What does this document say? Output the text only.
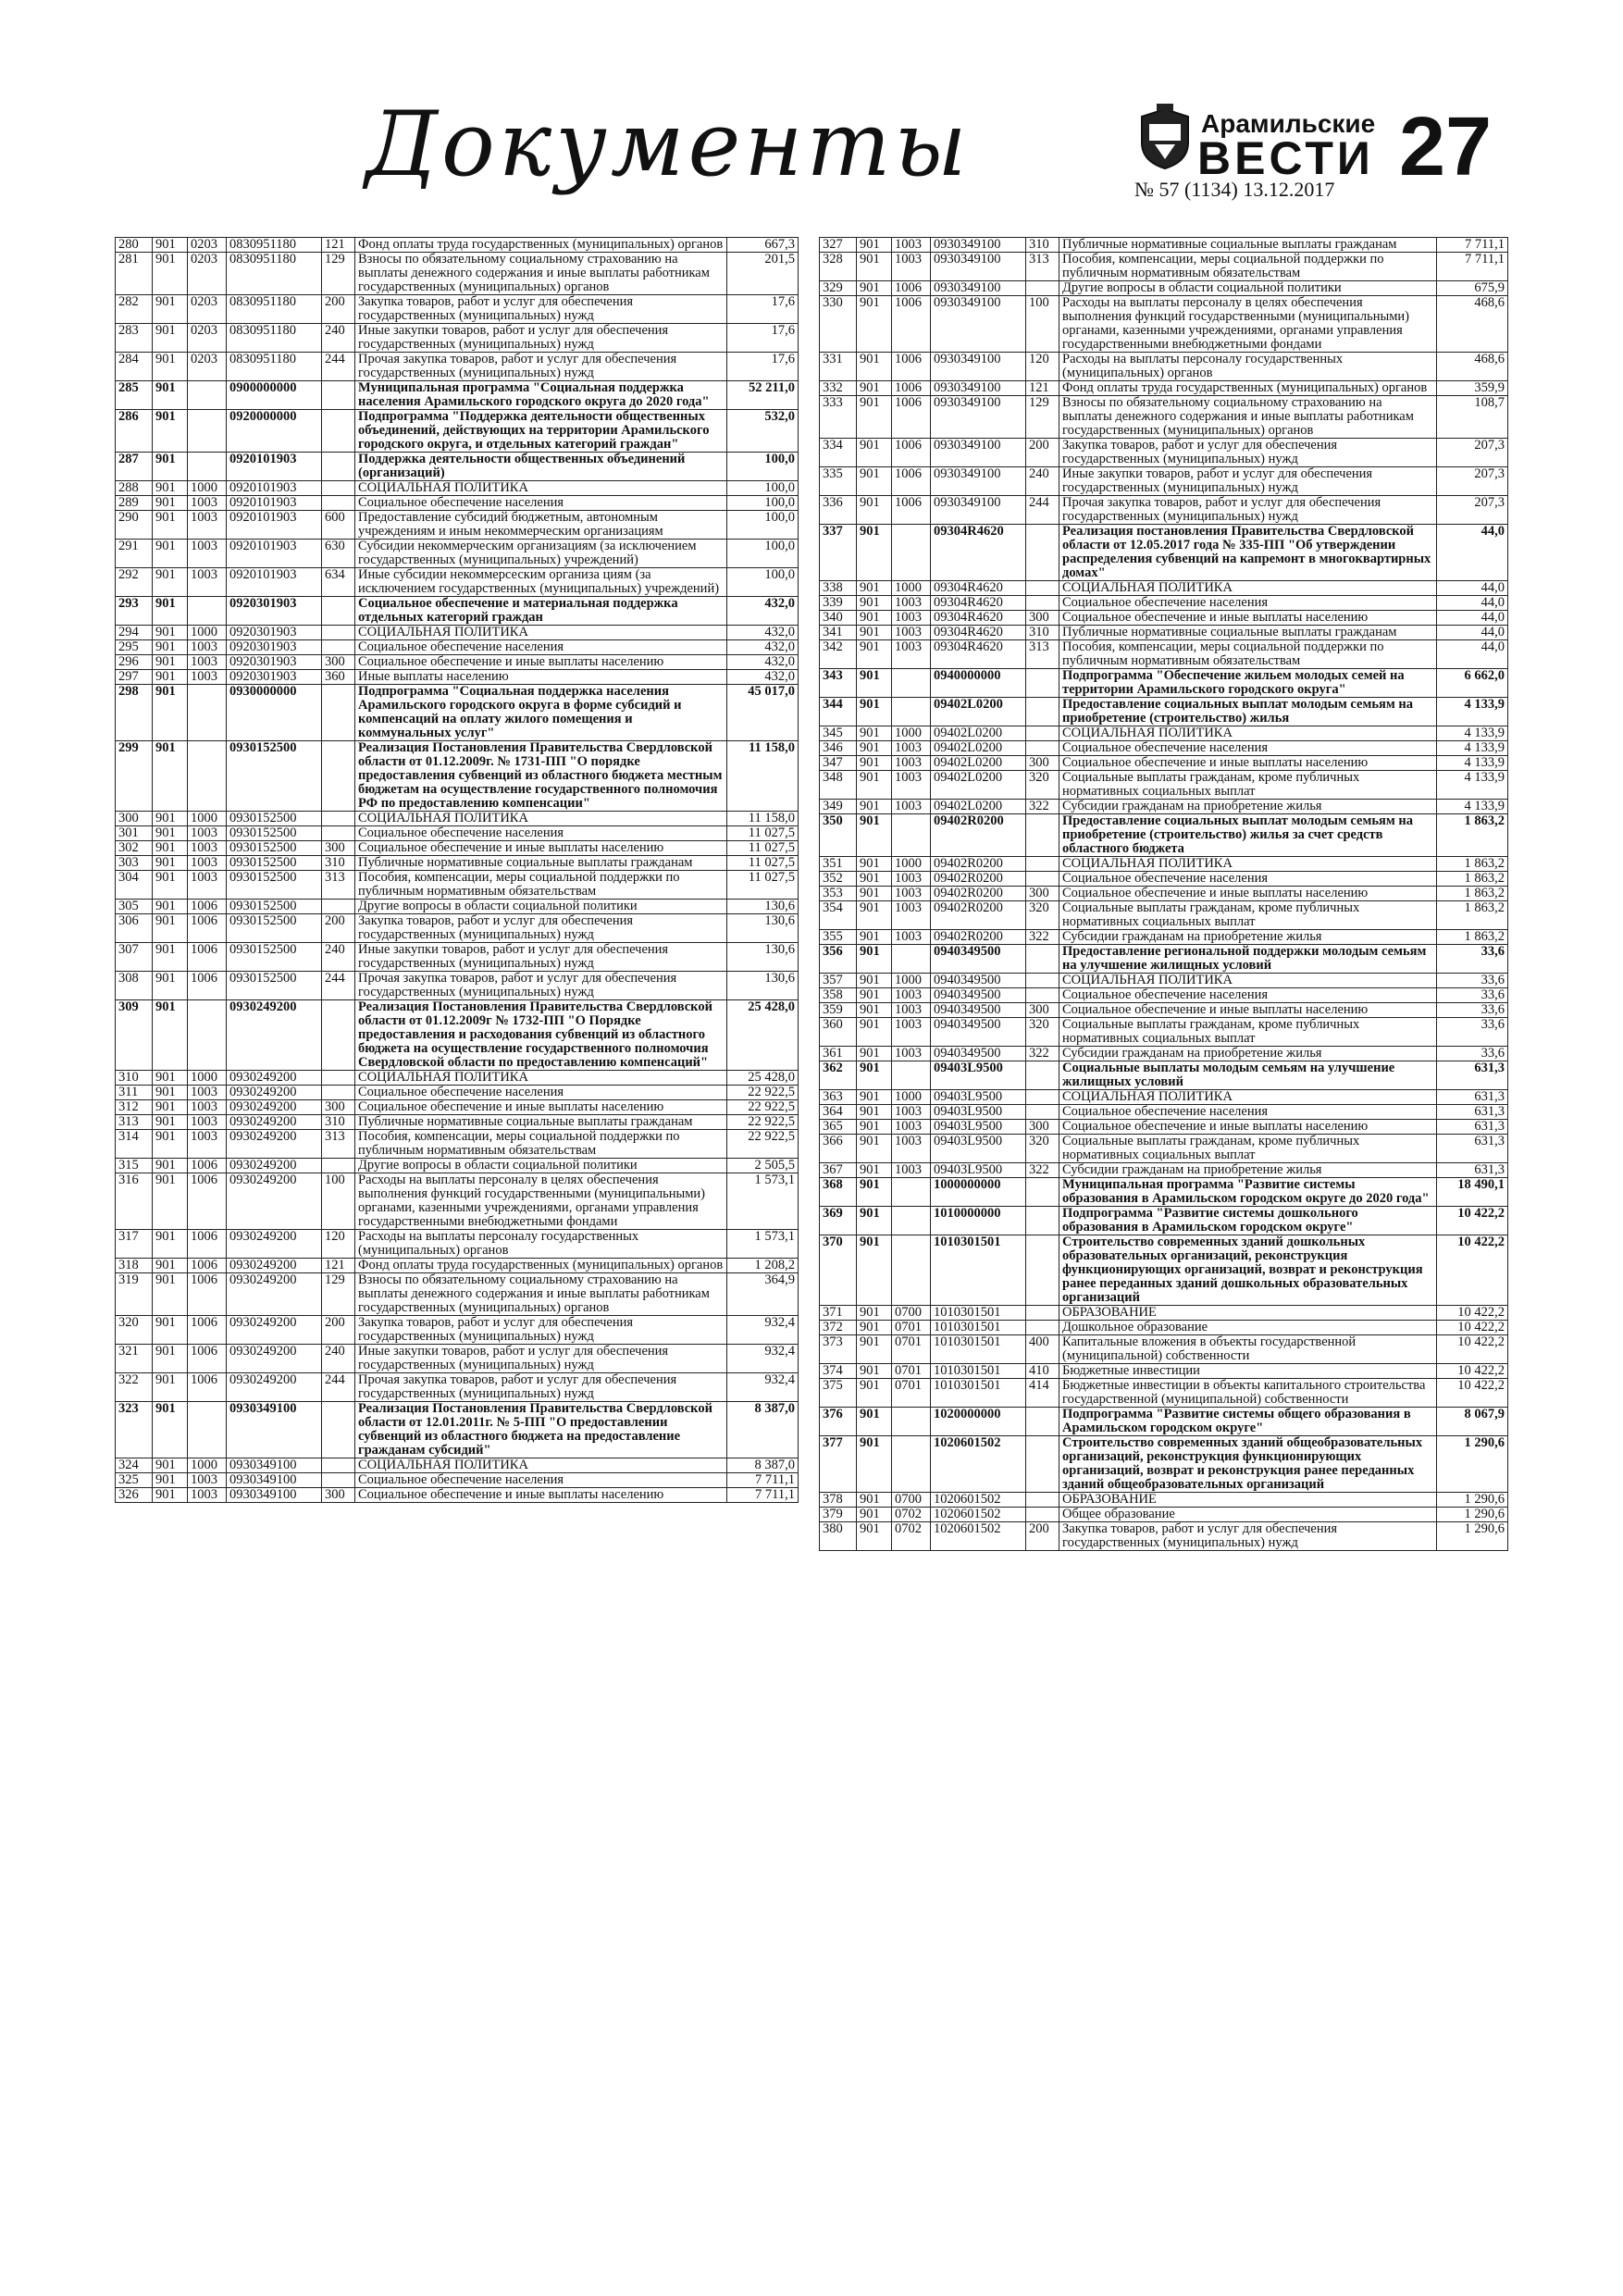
Документы	Арамильские
ВЕСТИ
№ 57 (1134) 13.12.2017 27
280	901	0203	0830951180	121	Фонд оплаты труда государственных (муниципальных) органов	667,3
281	901	0203	0830951180	129	Взносы по обязательному социальному страхованию на выплаты денежного содержания и иные выплаты работникам государственных (муниципальных) органов	201,5
282	901	0203	0830951180	200	Закупка товаров, работ и услуг для обеспечения государственных (муниципальных) нужд	17,6
283	901	0203	0830951180	240	Иные закупки товаров, работ и услуг для обеспечения государственных (муниципальных) нужд	17,6
284	901	0203	0830951180	244	Прочая закупка товаров, работ и услуг для обеспечения государственных (муниципальных) нужд	17,6
285	901		0900000000		Муниципальная программа "Социальная поддержка населения Арамильского городского округа до 2020 года"	52 211,0
286	901		0920000000		Подпрограмма "Поддержка деятельности общественных объединений, действующих на территории Арамильского городского округа, и отдельных категорий граждан"	532,0
287	901		0920101903		Поддержка деятельности общественных объединений (организаций)	100,0
288	901	1000	0920101903		СОЦИАЛЬНАЯ ПОЛИТИКА	100,0
289	901	1003	0920101903		Социальное обеспечение населения	100,0
290	901	1003	0920101903	600	Предоставление субсидий бюджетным, автономным учреждениям и иным некоммерческим организациям	100,0
291	901	1003	0920101903	630	Субсидии некоммерческим организациям (за исключением государственных (муниципальных) учреждений)	100,0
292	901	1003	0920101903	634	Иные субсидии некоммерсеским организа циям (за исключением государственных (муниципальных) учреждений)	100,0
293	901		0920301903		Социальное обеспечение и материальная поддержка отдельных категорий граждан	432,0
294	901	1000	0920301903		СОЦИАЛЬНАЯ ПОЛИТИКА	432,0
295	901	1003	0920301903		Социальное обеспечение населения	432,0
296	901	1003	0920301903	300	Социальное обеспечение и иные выплаты населению	432,0
297	901	1003	0920301903	360	Иные выплаты населению	432,0
298	901		0930000000		Подпрограмма "Социальная поддержка населения Арамильского городского округа в форме субсидий и компенсаций на оплату жилого помещения и коммунальных услуг"	45 017,0
299	901		0930152500		Реализация Постановления Правительства Свердловской области от 01.12.2009г. № 1731-ПП "О порядке предоставления субвенций из областного бюджета местным бюджетам на осуществление государственного полномочия РФ по предоставлению компенсации"	11 158,0
300	901	1000	0930152500		СОЦИАЛЬНАЯ ПОЛИТИКА	11 158,0
301	901	1003	0930152500		Социальное обеспечение населения	11 027,5
302	901	1003	0930152500	300	Социальное обеспечение и иные выплаты населению	11 027,5
303	901	1003	0930152500	310	Публичные нормативные социальные выплаты гражданам	11 027,5
304	901	1003	0930152500	313	Пособия, компенсации, меры социальной поддержки по публичным нормативным обязательствам	11 027,5
305	901	1006	0930152500		Другие вопросы в области социальной политики	130,6
306	901	1006	0930152500	200	Закупка товаров, работ и услуг для обеспечения государственных (муниципальных) нужд	130,6
307	901	1006	0930152500	240	Иные закупки товаров, работ и услуг для обеспечения государственных (муниципальных) нужд	130,6
308	901	1006	0930152500	244	Прочая закупка товаров, работ и услуг для обеспечения государственных (муниципальных) нужд	130,6
309	901		0930249200		Реализация Постановления Правительства Свердловской области от 01.12.2009г № 1732-ПП "О Порядке предоставления и расходования субвенций из областного бюджета на осуществление государственного полномочия Свердловской области по предоставлению компенсаций"	25 428,0
310	901	1000	0930249200		СОЦИАЛЬНАЯ ПОЛИТИКА	25 428,0
311	901	1003	0930249200		Социальное обеспечение населения	22 922,5
312	901	1003	0930249200	300	Социальное обеспечение и иные выплаты населению	22 922,5
313	901	1003	0930249200	310	Публичные нормативные социальные выплаты гражданам	22 922,5
314	901	1003	0930249200	313	Пособия, компенсации, меры социальной поддержки по публичным нормативным обязательствам	22 922,5
315	901	1006	0930249200		Другие вопросы в области социальной политики	2 505,5
316	901	1006	0930249200	100	Расходы на выплаты персоналу в целях обеспечения выполнения функций государственными (муниципальными) органами, казенными учреждениями, органами управления государственными внебюджетными фондами	1 573,1
317	901	1006	0930249200	120	Расходы на выплаты персоналу государственных (муниципальных) органов	1 573,1
318	901	1006	0930249200	121	Фонд оплаты труда государственных (муниципальных) органов	1 208,2
319	901	1006	0930249200	129	Взносы по обязательному социальному страхованию на выплаты денежного содержания и иные выплаты работникам государственных (муниципальных) органов	364,9
320	901	1006	0930249200	200	Закупка товаров, работ и услуг для обеспечения государственных (муниципальных) нужд	932,4
321	901	1006	0930249200	240	Иные закупки товаров, работ и услуг для обеспечения государственных (муниципальных) нужд	932,4
322	901	1006	0930249200	244	Прочая закупка товаров, работ и услуг для обеспечения государственных (муниципальных) нужд	932,4
323	901		0930349100		Реализация Постановления Правительства Свердловской области от 12.01.2011г. № 5-ПП "О предоставлении субвенций из областного бюджета на предоставление гражданам субсидий"	8 387,0
324	901	1000	0930349100		СОЦИАЛЬНАЯ ПОЛИТИКА	8 387,0
325	901	1003	0930349100		Социальное обеспечение населения	7 711,1
326	901	1003	0930349100	300	Социальное обеспечение и иные выплаты населению	7 711,1
327	901	1003	0930349100	310	Публичные нормативные социальные выплаты гражданам	7 711,1
328	901	1003	0930349100	313	Пособия, компенсации, меры социальной поддержки по публичным нормативным обязательствам	7 711,1
329	901	1006	0930349100		Другие вопросы в области социальной политики	675,9
330	901	1006	0930349100	100	Расходы на выплаты персоналу в целях обеспечения выполнения функций государственными (муниципальными) органами, казенными учреждениями, органами управления государственными внебюджетными фондами	468,6
331	901	1006	0930349100	120	Расходы на выплаты персоналу государственных (муниципальных) органов	468,6
332	901	1006	0930349100	121	Фонд оплаты труда государственных (муниципальных) органов	359,9
333	901	1006	0930349100	129	Взносы по обязательному социальному страхованию на выплаты денежного содержания и иные выплаты работникам государственных (муниципальных) органов	108,7
334	901	1006	0930349100	200	Закупка товаров, работ и услуг для обеспечения государственных (муниципальных) нужд	207,3
335	901	1006	0930349100	240	Иные закупки товаров, работ и услуг для обеспечения государственных (муниципальных) нужд	207,3
336	901	1006	0930349100	244	Прочая закупка товаров, работ и услуг для обеспечения государственных (муниципальных) нужд	207,3
337	901		09304R4620		Реализация постановления Правительства Свердловской области от 12.05.2017 года № 335-ПП "Об утверждении распределения субвенций на капремонт в многоквартирных домах"	44,0
338	901	1000	09304R4620		СОЦИАЛЬНАЯ ПОЛИТИКА	44,0
339	901	1003	09304R4620		Социальное обеспечение населения	44,0
340	901	1003	09304R4620	300	Социальное обеспечение и иные выплаты населению	44,0
341	901	1003	09304R4620	310	Публичные нормативные социальные выплаты гражданам	44,0
342	901	1003	09304R4620	313	Пособия, компенсации, меры социальной поддержки по публичным нормативным обязательствам	44,0
343	901		0940000000		Подпрограмма "Обеспечение жильем молодых семей на территории Арамильского городского округа"	6 662,0
344	901		09402L0200		Предоставление социальных выплат молодым семьям на приобретение (строительство) жилья	4 133,9
345	901	1000	09402L0200		СОЦИАЛЬНАЯ ПОЛИТИКА	4 133,9
346	901	1003	09402L0200		Социальное обеспечение населения	4 133,9
347	901	1003	09402L0200	300	Социальное обеспечение и иные выплаты населению	4 133,9
348	901	1003	09402L0200	320	Социальные выплаты гражданам, кроме публичных нормативных социальных выплат	4 133,9
349	901	1003	09402L0200	322	Субсидии гражданам на приобретение жилья	4 133,9
350	901		09402R0200		Предоставление социальных выплат молодым семьям на приобретение (строительство) жилья за счет средств областного бюджета	1 863,2
351	901	1000	09402R0200		СОЦИАЛЬНАЯ ПОЛИТИКА	1 863,2
352	901	1003	09402R0200		Социальное обеспечение населения	1 863,2
353	901	1003	09402R0200	300	Социальное обеспечение и иные выплаты населению	1 863,2
354	901	1003	09402R0200	320	Социальные выплаты гражданам, кроме публичных нормативных социальных выплат	1 863,2
355	901	1003	09402R0200	322	Субсидии гражданам на приобретение жилья	1 863,2
356	901		0940349500		Предоставление региональной поддержки молодым семьям на улучшение жилищных условий	33,6
357	901	1000	0940349500		СОЦИАЛЬНАЯ ПОЛИТИКА	33,6
358	901	1003	0940349500		Социальное обеспечение населения	33,6
359	901	1003	0940349500	300	Социальное обеспечение и иные выплаты населению	33,6
360	901	1003	0940349500	320	Социальные выплаты гражданам, кроме публичных нормативных социальных выплат	33,6
361	901	1003	0940349500	322	Субсидии гражданам на приобретение жилья	33,6
362	901		09403L9500		Социальные выплаты молодым семьям на улучшение жилищных условий	631,3
363	901	1000	09403L9500		СОЦИАЛЬНАЯ ПОЛИТИКА	631,3
364	901	1003	09403L9500		Социальное обеспечение населения	631,3
365	901	1003	09403L9500	300	Социальное обеспечение и иные выплаты населению	631,3
366	901	1003	09403L9500	320	Социальные выплаты гражданам, кроме публичных нормативных социальных выплат	631,3
367	901	1003	09403L9500	322	Субсидии гражданам на приобретение жилья	631,3
368	901		1000000000		Муниципальная программа "Развитие системы образования в Арамильском городском округе до 2020 года"	18 490,1
369	901		1010000000		Подпрограмма "Развитие системы дошкольного образования в Арамильском городском округе"	10 422,2
370	901		1010301501		Строительство современных зданий дошкольных образовательных организаций, реконструкция функционирующих организаций, возврат и реконструкция ранее переданных зданий дошкольных образовательных организаций	10 422,2
371	901	0700	1010301501		ОБРАЗОВАНИЕ	10 422,2
372	901	0701	1010301501		Дошкольное образование	10 422,2
373	901	0701	1010301501	400	Капитальные вложения в объекты государственной (муниципальной) собственности	10 422,2
374	901	0701	1010301501	410	Бюджетные инвестиции	10 422,2
375	901	0701	1010301501	414	Бюджетные инвестиции в объекты капитального строительства государственной (муниципальной) собственности	10 422,2
376	901		1020000000		Подпрограмма "Развитие системы общего образования в Арамильском городском округе"	8 067,9
377	901		1020601502		Строительство современных зданий общеобразовательных организаций, реконструкция функционирующих организаций, возврат и реконструкция ранее переданных зданий общеобразовательных организаций	1 290,6
378	901	0700	1020601502		ОБРАЗОВАНИЕ	1 290,6
379	901	0702	1020601502		Общее образование	1 290,6
380	901	0702	1020601502	200	Закупка товаров, работ и услуг для обеспечения государственных (муниципальных) нужд	1 290,6
